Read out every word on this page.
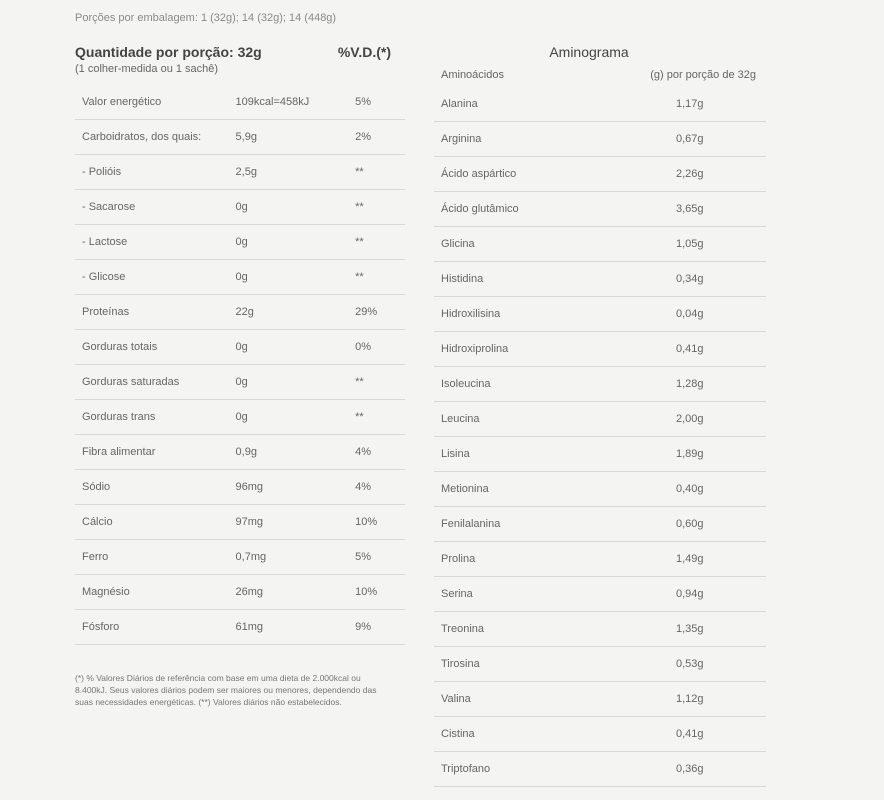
Porções por embalagem: 1 (32g); 14 (32g); 14 (448g)
Quantidade por porção: 32g	%V.D.(*)
(1 colher-medida ou 1 sachê)
Valor energético	109kcal=458kJ	5%
Carboidratos, dos quais:	5,9g	2%
- Polióis	2,5g	**
- Sacarose	0g	**
- Lactose	0g	**
- Glicose	0g	**
Proteínas	22g	29%
Gorduras totais	0g	0%
Gorduras saturadas	0g	**
Gorduras trans	0g	**
Fibra alimentar	0,9g	4%
Sódio	96mg	4%
Cálcio	97mg	10%
Ferro	0,7mg	5%
Magnésio	26mg	10%
Fósforo	61mg	9%
(*) % Valores Diários de referência com base em uma dieta de 2.000kcal ou 8.400kJ. Seus valores diários podem ser maiores ou menores, dependendo das suas necessidades energéticas. (**) Valores diários não estabelecidos.
Aminograma
Aminoácidos	(g) por porção de 32g
Alanina	1,17g
Arginina	0,67g
Ácido aspártico	2,26g
Ácido glutâmico	3,65g
Glicina	1,05g
Histidina	0,34g
Hidroxilisina	0,04g
Hidroxiprolina	0,41g
Isoleucina	1,28g
Leucina	2,00g
Lisina	1,89g
Metionina	0,40g
Fenilalanina	0,60g
Prolina	1,49g
Serina	0,94g
Treonina	1,35g
Tirosina	0,53g
Valina	1,12g
Cistina	0,41g
Triptofano	0,36g
